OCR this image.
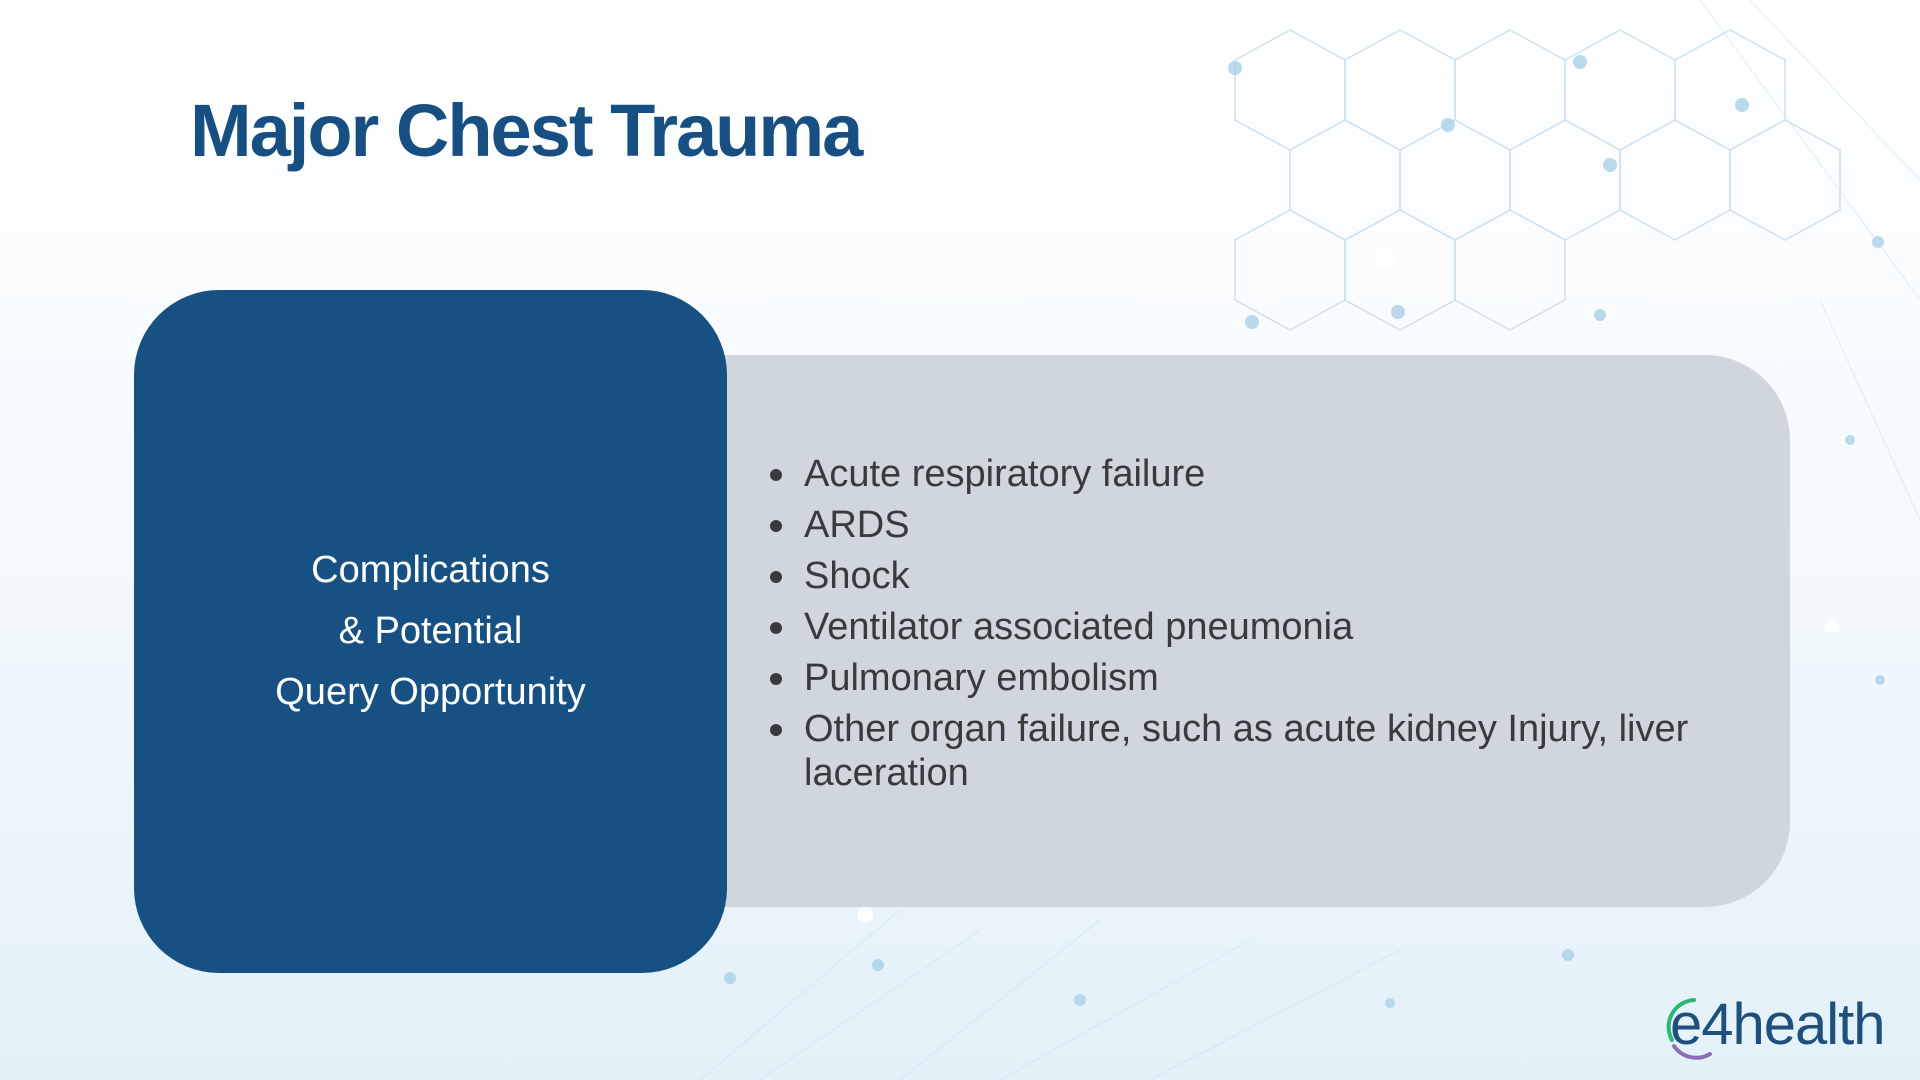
Major Chest Trauma
Acute respiratory failure
ARDS
Shock
Ventilator associated pneumonia
Pulmonary embolism
Other organ failure, such as acute kidney Injury, liver laceration
Complications
& Potential
Query Opportunity
e4health
